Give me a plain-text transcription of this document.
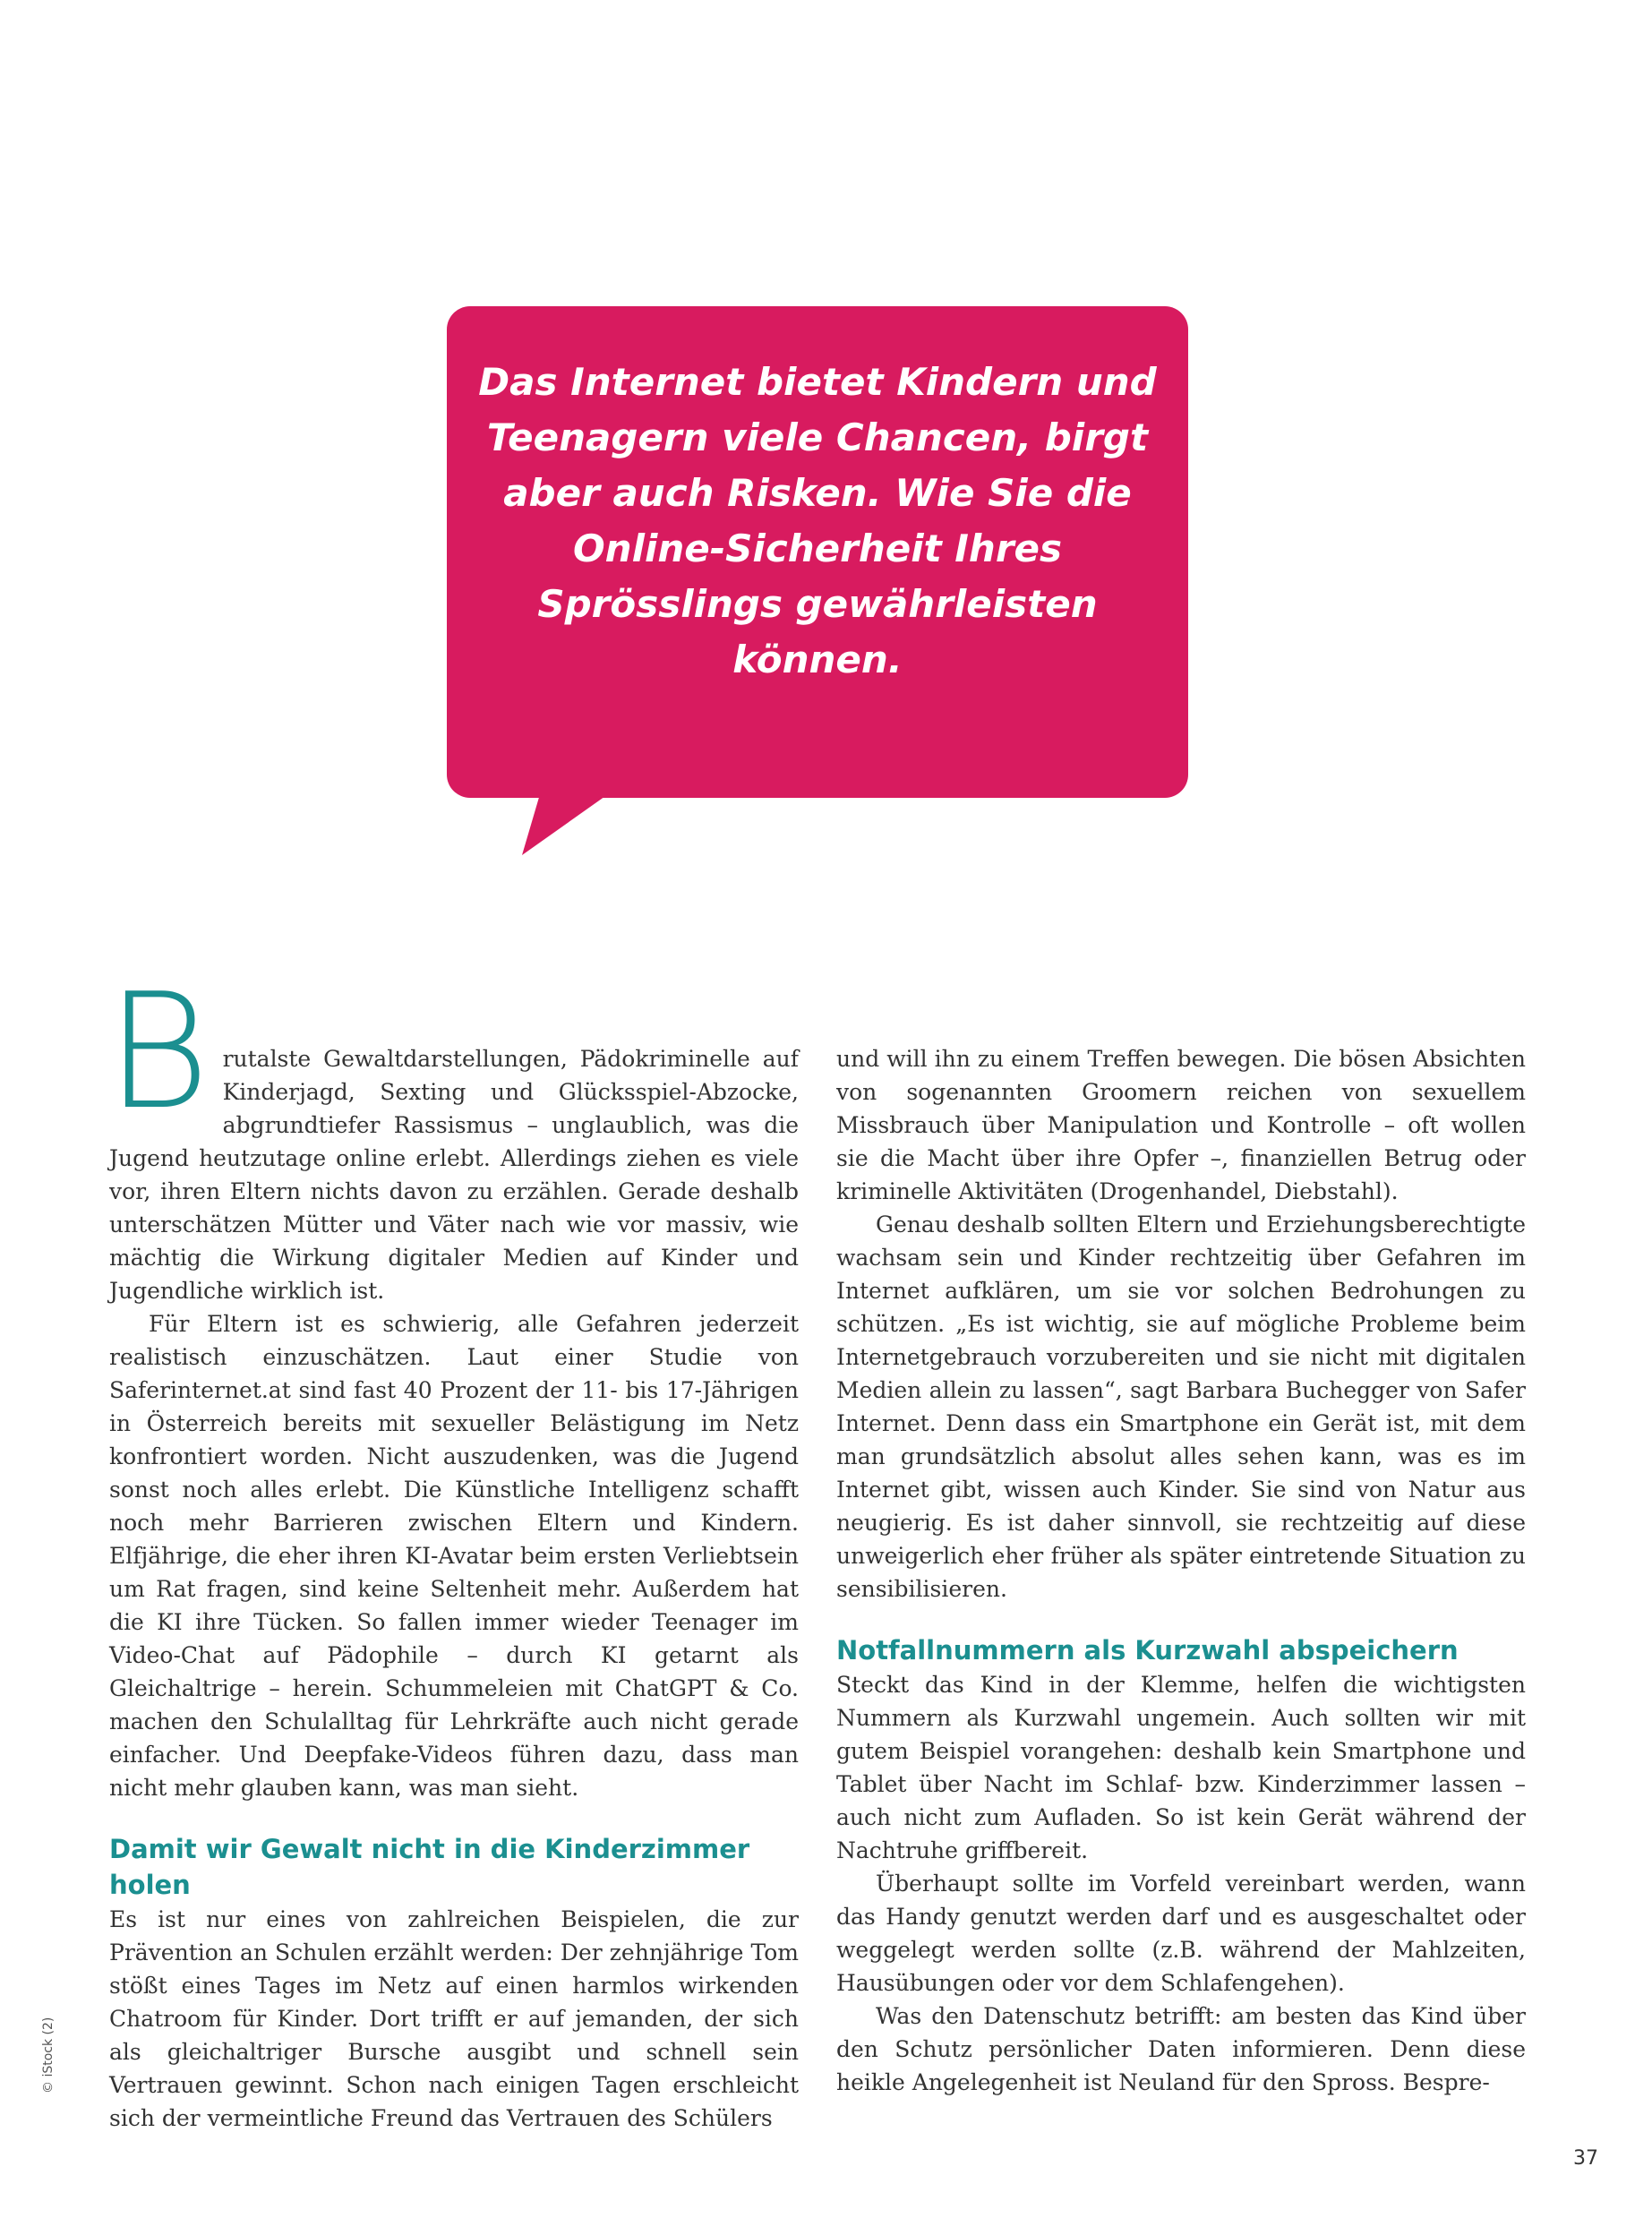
Das Internet bietet Kindern und Teenagern viele Chancen, birgt aber auch Risken. Wie Sie die Online-Sicherheit Ihres Sprösslings gewährleisten können.
© iStock (2)
B rutalste Gewaltdarstellungen, Pädokriminelle auf Kinderjagd, Sexting und Glücksspiel-Abzocke, abgrundtiefer Rassismus – unglaublich, was die Jugend heutzutage online erlebt. Allerdings ziehen es viele vor, ihren Eltern nichts davon zu erzählen. Gerade deshalb unterschätzen Mütter und Väter nach wie vor massiv, wie mächtig die Wirkung digitaler Medien auf Kinder und Jugendliche wirklich ist.

Für Eltern ist es schwierig, alle Gefahren jederzeit realistisch einzuschätzen. Laut einer Studie von Saferinternet.at sind fast 40 Prozent der 11- bis 17-Jährigen in Österreich bereits mit sexueller Belästigung im Netz konfrontiert worden. Nicht auszudenken, was die Jugend sonst noch alles erlebt. Die Künstliche Intelligenz schafft noch mehr Barrieren zwischen Eltern und Kindern. Elfjährige, die eher ihren KI-Avatar beim ersten Verliebtsein um Rat fragen, sind keine Seltenheit mehr. Außerdem hat die KI ihre Tücken. So fallen immer wieder Teenager im Video-Chat auf Pädophile – durch KI getarnt als Gleichaltrige – herein. Schummeleien mit ChatGPT & Co. machen den Schulalltag für Lehrkräfte auch nicht gerade einfacher. Und Deepfake-Videos führen dazu, dass man nicht mehr glauben kann, was man sieht.

Damit wir Gewalt nicht in die Kinderzimmer holen

Es ist nur eines von zahlreichen Beispielen, die zur Prävention an Schulen erzählt werden: Der zehnjährige Tom stößt eines Tages im Netz auf einen harmlos wirkenden Chatroom für Kinder. Dort trifft er auf jemanden, der sich als gleichaltriger Bursche ausgibt und schnell sein Vertrauen gewinnt. Schon nach einigen Tagen erschleicht sich der vermeintliche Freund das Vertrauen des Schülers

und will ihn zu einem Treffen bewegen. Die bösen Absichten von sogenannten Groomern reichen von sexuellem Missbrauch über Manipulation und Kontrolle – oft wollen sie die Macht über ihre Opfer –, finanziellen Betrug oder kriminelle Aktivitäten (Drogenhandel, Diebstahl).

Genau deshalb sollten Eltern und Erziehungsberechtigte wachsam sein und Kinder rechtzeitig über Gefahren im Internet aufklären, um sie vor solchen Bedrohungen zu schützen. „Es ist wichtig, sie auf mögliche Probleme beim Internetgebrauch vorzubereiten und sie nicht mit digitalen Medien allein zu lassen“, sagt Barbara Buchegger von Safer Internet. Denn dass ein Smartphone ein Gerät ist, mit dem man grundsätzlich absolut alles sehen kann, was es im Internet gibt, wissen auch Kinder. Sie sind von Natur aus neugierig. Es ist daher sinnvoll, sie rechtzeitig auf diese unweigerlich eher früher als später eintretende Situation zu sensibilisieren.

Notfallnummern als Kurzwahl abspeichern

Steckt das Kind in der Klemme, helfen die wichtigsten Nummern als Kurzwahl ungemein. Auch sollten wir mit gutem Beispiel vorangehen: deshalb kein Smartphone und Tablet über Nacht im Schlaf- bzw. Kinderzimmer lassen – auch nicht zum Aufladen. So ist kein Gerät während der Nachtruhe griffbereit.

Überhaupt sollte im Vorfeld vereinbart werden, wann das Handy genutzt werden darf und es ausgeschaltet oder weggelegt werden sollte (z.B. während der Mahlzeiten, Hausübungen oder vor dem Schlafengehen).

Was den Datenschutz betrifft: am besten das Kind über den Schutz persönlicher Daten informieren. Denn diese heikle Angelegenheit ist Neuland für den Spross. Bespre-

37
